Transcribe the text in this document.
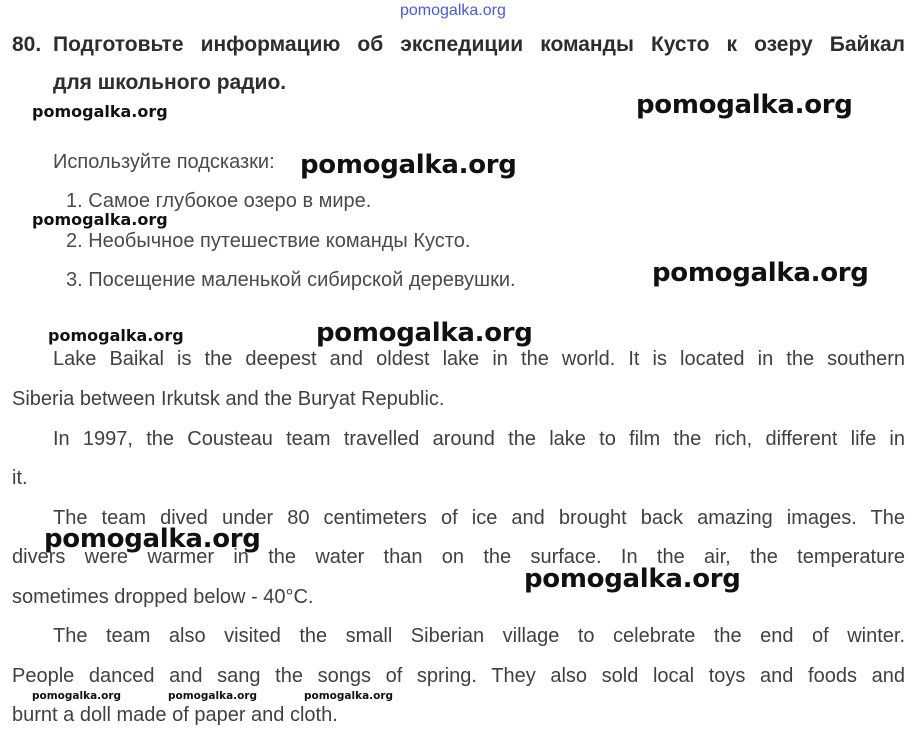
pomogalka.org
80. Подготовьте информацию об экспедиции команды Кусто к озеру Байкал
для школьного радио.
Используйте подсказки:
1. Самое глубокое озеро в мире.
2. Необычное путешествие команды Кусто.
3. Посещение маленькой сибирской деревушки.
Lake Baikal is the deepest and oldest lake in the world. It is located in the southern
Siberia between Irkutsk and the Buryat Republic.
In 1997, the Cousteau team travelled around the lake to film the rich, different life in
it.
The team dived under 80 centimeters of ice and brought back amazing images. The
divers were warmer in the water than on the surface. In the air, the temperature
sometimes dropped below - 40°C.
The team also visited the small Siberian village to celebrate the end of winter.
People danced and sang the songs of spring. They also sold local toys and foods and
burnt a doll made of paper and cloth.
pomogalka.org	pomogalka.org
pomogalka.org
pomogalka.org
pomogalka.org
pomogalka.org	pomogalka.org
pomogalka.org
pomogalka.org
pomogalka.org	pomogalka.org	pomogalka.org
